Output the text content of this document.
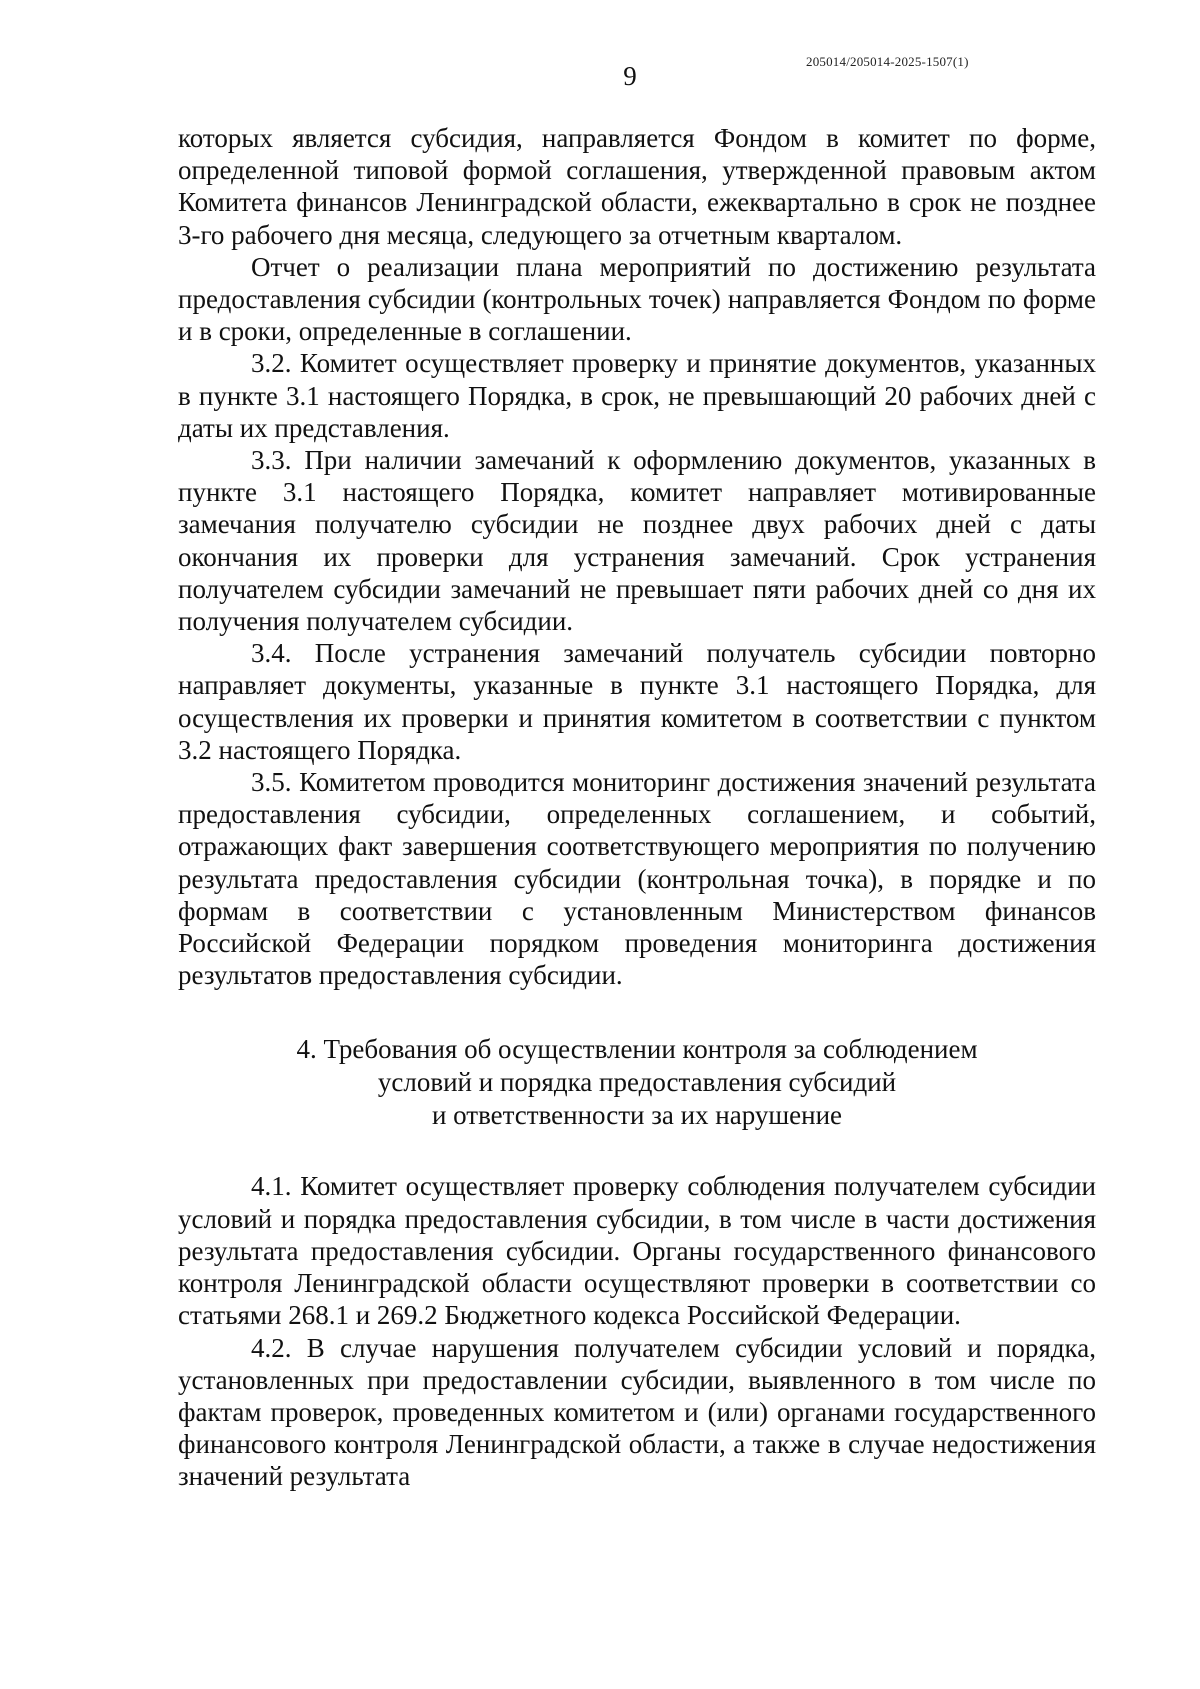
205014/205014-2025-1507(1)
9

которых является субсидия, направляется Фондом в комитет по форме, определенной типовой формой соглашения, утвержденной правовым актом Комитета финансов Ленинградской области, ежеквартально в срок не позднее 3-го рабочего дня месяца, следующего за отчетным кварталом.

Отчет о реализации плана мероприятий по достижению результата предоставления субсидии (контрольных точек) направляется Фондом по форме и в сроки, определенные в соглашении.

3.2. Комитет осуществляет проверку и принятие документов, указанных в пункте 3.1 настоящего Порядка, в срок, не превышающий 20 рабочих дней с даты их представления.

3.3. При наличии замечаний к оформлению документов, указанных в пункте 3.1 настоящего Порядка, комитет направляет мотивированные замечания получателю субсидии не позднее двух рабочих дней с даты окончания их проверки для устранения замечаний. Срок устранения получателем субсидии замечаний не превышает пяти рабочих дней со дня их получения получателем субсидии.

3.4. После устранения замечаний получатель субсидии повторно направляет документы, указанные в пункте 3.1 настоящего Порядка, для осуществления их проверки и принятия комитетом в соответствии с пунктом 3.2 настоящего Порядка.

3.5. Комитетом проводится мониторинг достижения значений результата предоставления субсидии, определенных соглашением, и событий, отражающих факт завершения соответствующего мероприятия по получению результата предоставления субсидии (контрольная точка), в порядке и по формам в соответствии с установленным Министерством финансов Российской Федерации порядком проведения мониторинга достижения результатов предоставления субсидии.

4. Требования об осуществлении контроля за соблюдением
условий и порядка предоставления субсидий
и ответственности за их нарушение

4.1. Комитет осуществляет проверку соблюдения получателем субсидии условий и порядка предоставления субсидии, в том числе в части достижения результата предоставления субсидии. Органы государственного финансового контроля Ленинградской области осуществляют проверки в соответствии со статьями 268.1 и 269.2 Бюджетного кодекса Российской Федерации.

4.2. В случае нарушения получателем субсидии условий и порядка, установленных при предоставлении субсидии, выявленного в том числе по фактам проверок, проведенных комитетом и (или) органами государственного финансового контроля Ленинградской области, а также в случае недостижения значений результата
